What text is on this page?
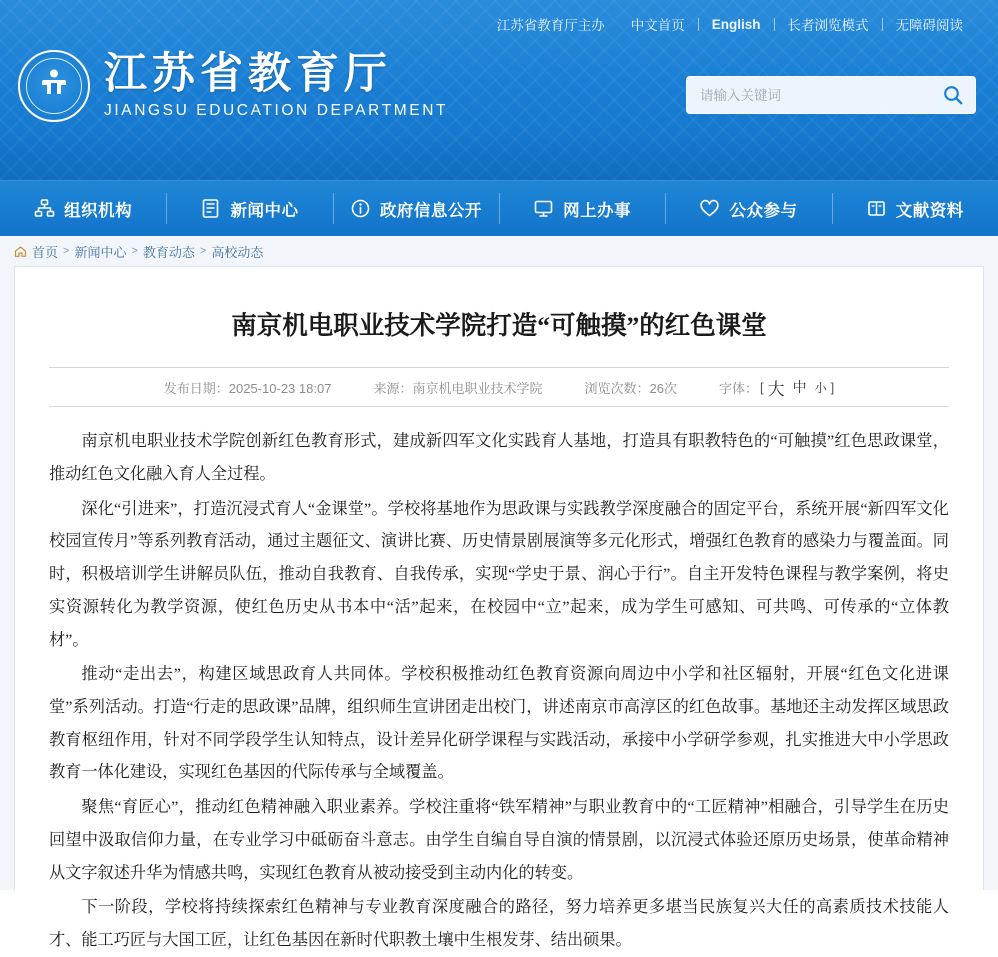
江苏省教育厅主办	中文首页	English	长者浏览模式	无障碍阅读
江苏省教育厅
JIANGSU EDUCATION DEPARTMENT
请输入关键词
组织机构	新闻中心	政府信息公开	网上办事	公众参与	文献资料
首页 > 新闻中心 > 教育动态 > 高校动态
南京机电职业技术学院打造“可触摸”的红色课堂
发布日期：2025-10-23 18:07	来源：南京机电职业技术学院	浏览次数：26次	字体： [ 大 中 小 ]

南京机电职业技术学院创新红色教育形式，建成新四军文化实践育人基地，打造具有职教特色的“可触摸”红色思政课堂，推动红色文化融入育人全过程。

深化“引进来”，打造沉浸式育人“金课堂”。学校将基地作为思政课与实践教学深度融合的固定平台，系统开展“新四军文化校园宣传月”等系列教育活动，通过主题征文、演讲比赛、历史情景剧展演等多元化形式，增强红色教育的感染力与覆盖面。同时，积极培训学生讲解员队伍，推动自我教育、自我传承，实现“学史于景、润心于行”。自主开发特色课程与教学案例，将史实资源转化为教学资源，使红色历史从书本中“活”起来，在校园中“立”起来，成为学生可感知、可共鸣、可传承的“立体教材”。

推动“走出去”，构建区域思政育人共同体。学校积极推动红色教育资源向周边中小学和社区辐射，开展“红色文化进课堂”系列活动。打造“行走的思政课”品牌，组织师生宣讲团走出校门，讲述南京市高淳区的红色故事。基地还主动发挥区域思政教育枢纽作用，针对不同学段学生认知特点，设计差异化研学课程与实践活动，承接中小学研学参观，扎实推进大中小学思政教育一体化建设，实现红色基因的代际传承与全域覆盖。

聚焦“育匠心”，推动红色精神融入职业素养。学校注重将“铁军精神”与职业教育中的“工匠精神”相融合，引导学生在历史回望中汲取信仰力量，在专业学习中砥砺奋斗意志。由学生自编自导自演的情景剧，以沉浸式体验还原历史场景，使革命精神从文字叙述升华为情感共鸣，实现红色教育从被动接受到主动内化的转变。

下一阶段，学校将持续探索红色精神与专业教育深度融合的路径，努力培养更多堪当民族复兴大任的高素质技术技能人才、能工巧匠与大国工匠，让红色基因在新时代职教土壤中生根发芽、结出硕果。
